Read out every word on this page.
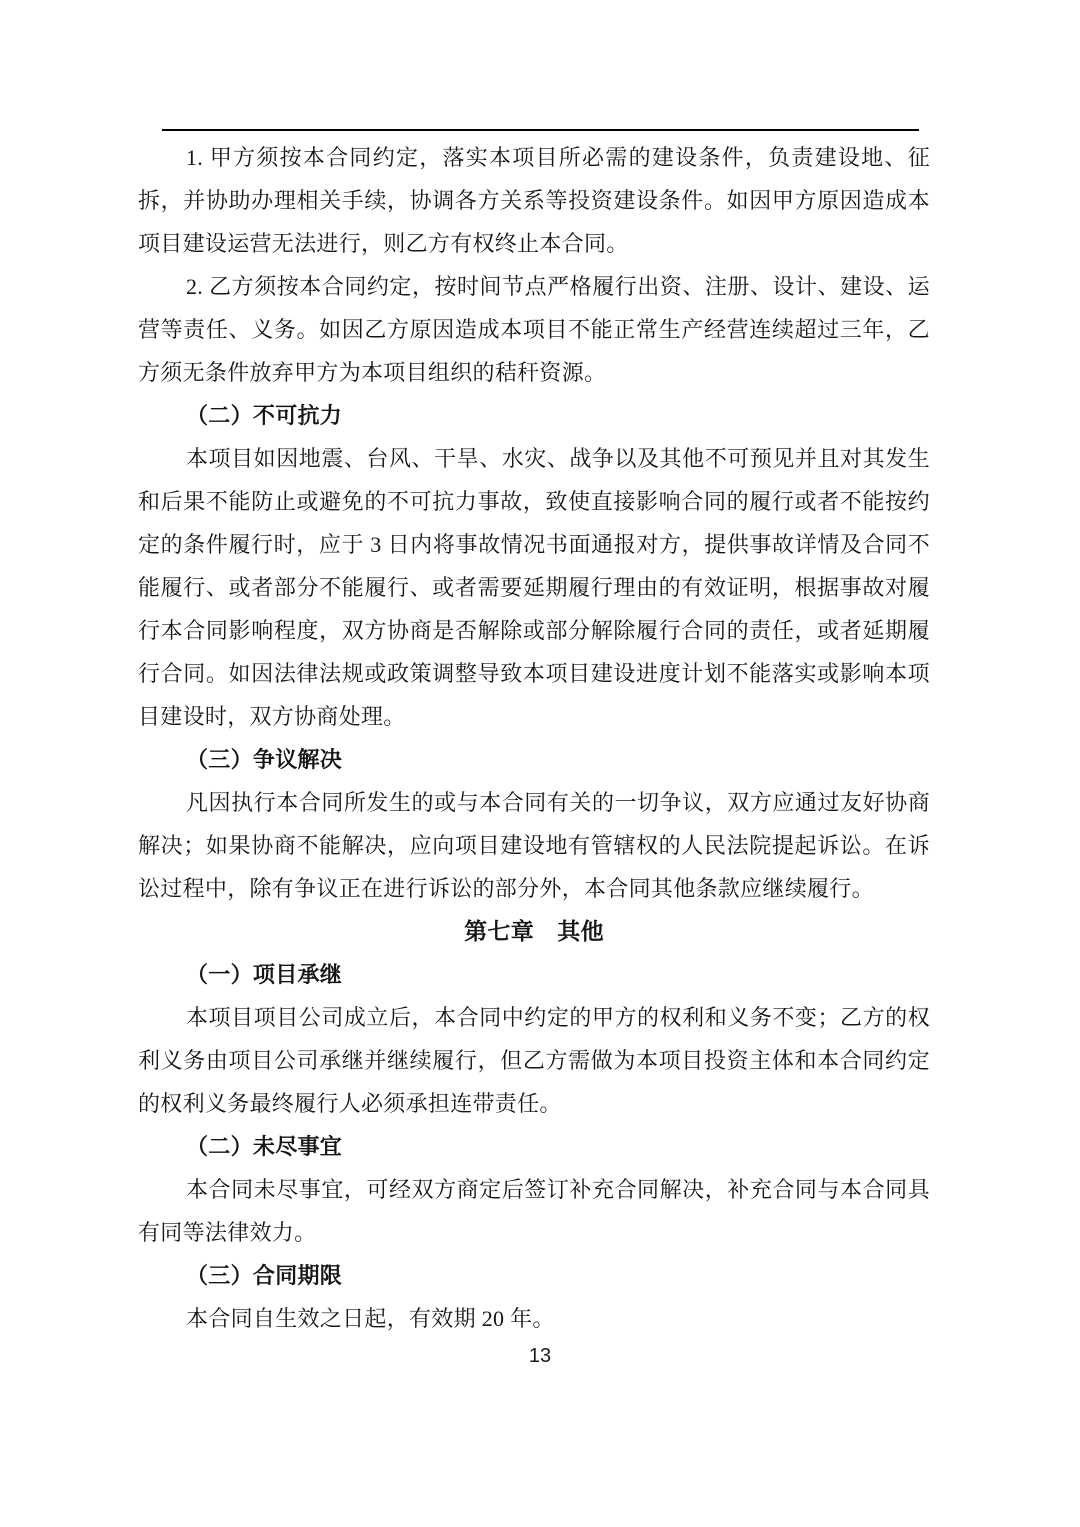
1. 甲方须按本合同约定，落实本项目所必需的建设条件，负责建设地、征拆，并协助办理相关手续，协调各方关系等投资建设条件。如因甲方原因造成本项目建设运营无法进行，则乙方有权终止本合同。

2. 乙方须按本合同约定，按时间节点严格履行出资、注册、设计、建设、运营等责任、义务。如因乙方原因造成本项目不能正常生产经营连续超过三年，乙方须无条件放弃甲方为本项目组织的秸秆资源。

（二）不可抗力

本项目如因地震、台风、干旱、水灾、战争以及其他不可预见并且对其发生和后果不能防止或避免的不可抗力事故，致使直接影响合同的履行或者不能按约定的条件履行时，应于 3 日内将事故情况书面通报对方，提供事故详情及合同不能履行、或者部分不能履行、或者需要延期履行理由的有效证明，根据事故对履行本合同影响程度，双方协商是否解除或部分解除履行合同的责任，或者延期履行合同。如因法律法规或政策调整导致本项目建设进度计划不能落实或影响本项目建设时，双方协商处理。

（三）争议解决

凡因执行本合同所发生的或与本合同有关的一切争议，双方应通过友好协商解决；如果协商不能解决，应向项目建设地有管辖权的人民法院提起诉讼。在诉讼过程中，除有争议正在进行诉讼的部分外，本合同其他条款应继续履行。

第七章　其他

（一）项目承继

本项目项目公司成立后，本合同中约定的甲方的权利和义务不变；乙方的权利义务由项目公司承继并继续履行，但乙方需做为本项目投资主体和本合同约定的权利义务最终履行人必须承担连带责任。

（二）未尽事宜

本合同未尽事宜，可经双方商定后签订补充合同解决，补充合同与本合同具有同等法律效力。

（三）合同期限

本合同自生效之日起，有效期 20 年。

13
